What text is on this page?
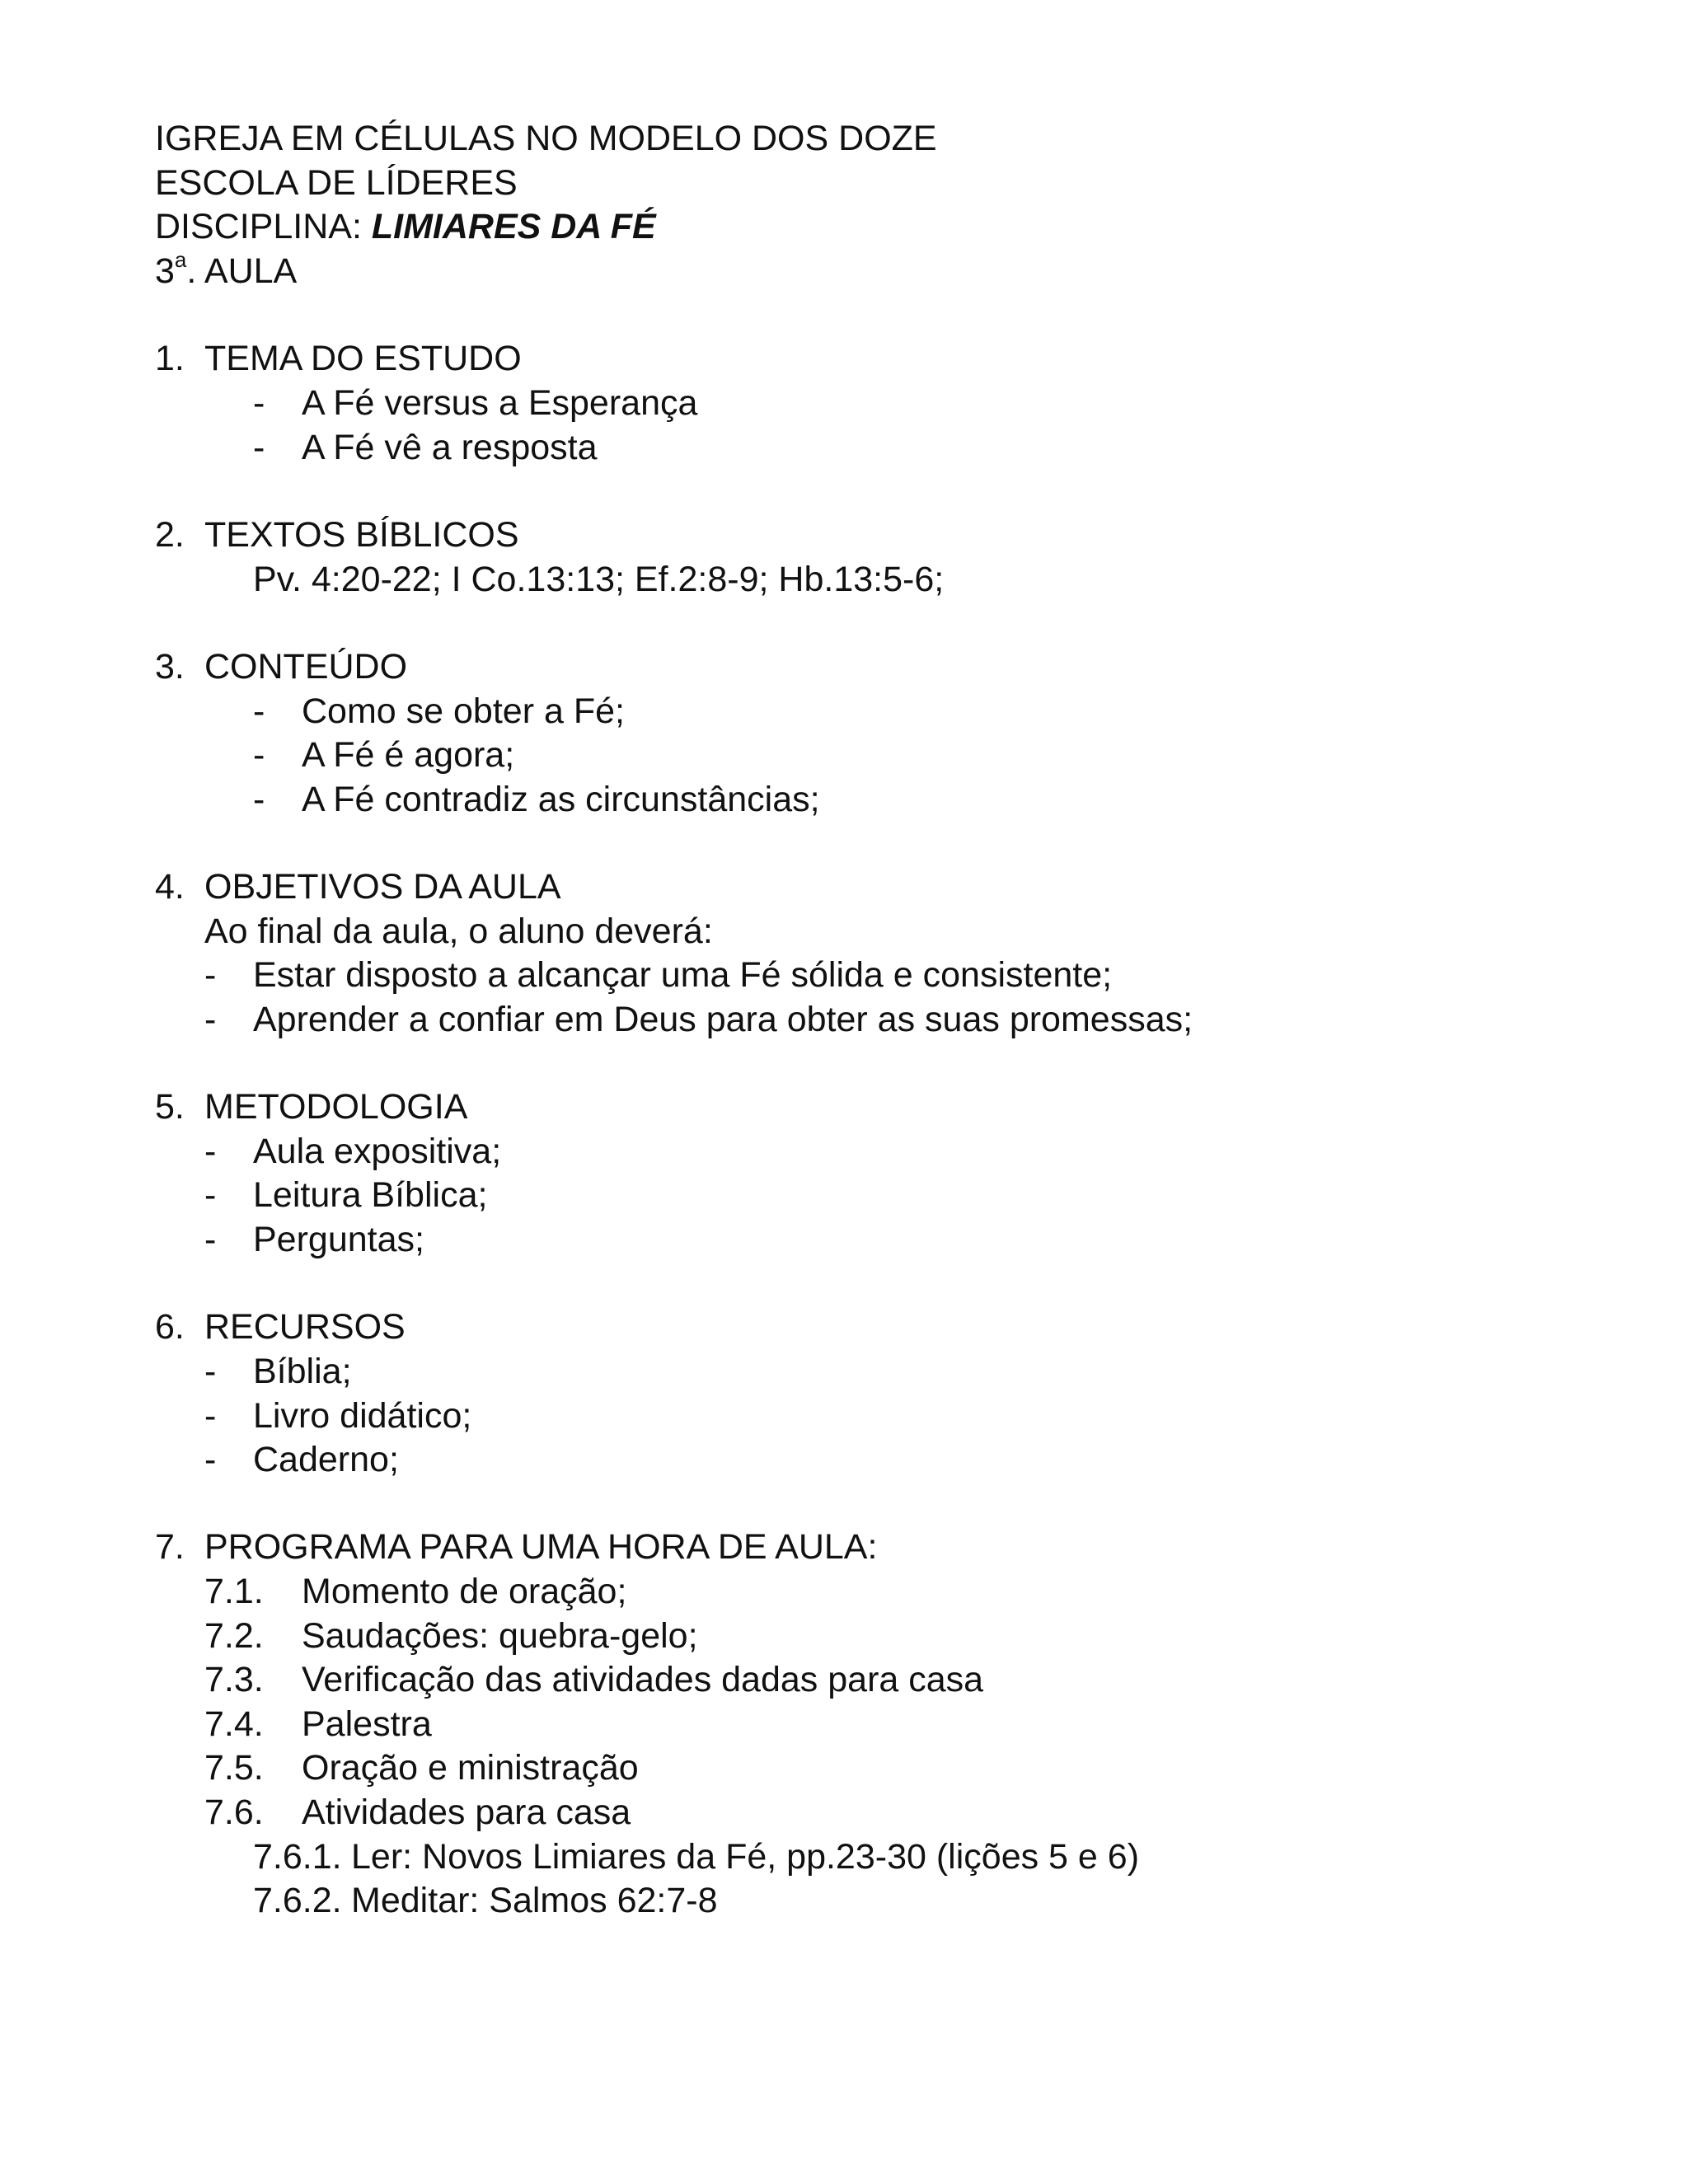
IGREJA EM CÉLULAS NO MODELO DOS DOZE
ESCOLA DE LÍDERES
DISCIPLINA: LIMIARES DA FÉ
3$^a$. AULA
1. TEMA DO ESTUDO
- A Fé versus a Esperança
- A Fé vê a resposta
2. TEXTOS BÍBLICOS
Pv. 4:20-22; I Co.13:13; Ef.2:8-9; Hb.13:5-6;
3. CONTEÚDO
- Como se obter a Fé;
- A Fé é agora;
- A Fé contradiz as circunstâncias;
4. OBJETIVOS DA AULA
Ao final da aula, o aluno deverá:
- Estar disposto a alcançar uma Fé sólida e consistente;
- Aprender a confiar em Deus para obter as suas promessas;
5. METODOLOGIA
- Aula expositiva;
- Leitura Bíblica;
- Perguntas;
6. RECURSOS
- Bíblia;
- Livro didático;
- Caderno;
7. PROGRAMA PARA UMA HORA DE AULA:
7.1. Momento de oração;
7.2. Saudações: quebra-gelo;
7.3. Verificação das atividades dadas para casa
7.4. Palestra
7.5. Oração e ministração
7.6. Atividades para casa
7.6.1. Ler: Novos Limiares da Fé, pp.23-30 (lições 5 e 6)
7.6.2. Meditar: Salmos 62:7-8
